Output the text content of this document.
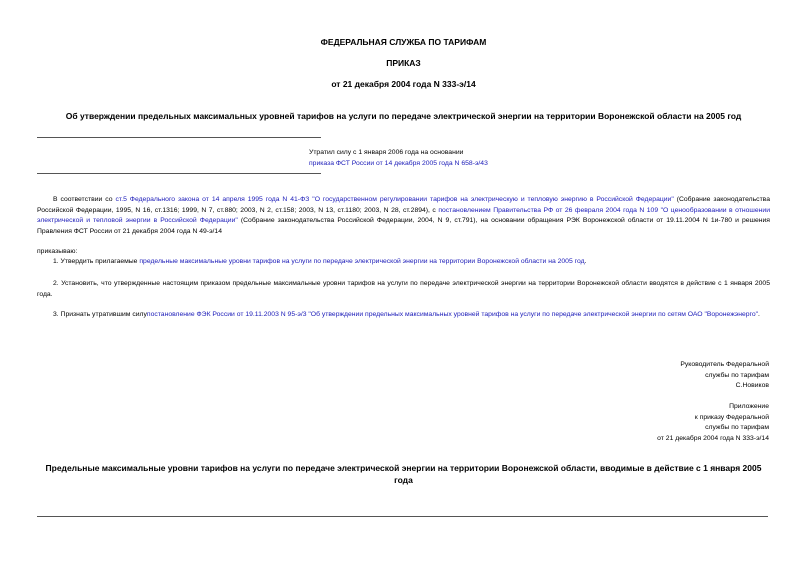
ФЕДЕРАЛЬНАЯ СЛУЖБА ПО ТАРИФАМ
ПРИКАЗ
от 21 декабря 2004 года N 333-э/14
Об утверждении предельных максимальных уровней тарифов на услуги по передаче электрической энергии на территории Воронежской области на 2005 год
Утратил силу с 1 января 2006 года на основании
приказа ФСТ России от 14 декабря 2005 года N 658-э/43
В соответствии со ст.5 Федерального закона от 14 апреля 1995 года N 41-ФЗ "О государственном регулировании тарифов на электрическую и тепловую энергию в Российской Федерации" (Собрание законодательства Российской Федерации, 1995, N 16, ст.1316; 1999, N 7, ст.880; 2003, N 2, ст.158; 2003, N 13, ст.1180; 2003, N 28, ст.2894), с постановлением Правительства РФ от 26 февраля 2004 года N 109 "О ценообразовании в отношении электрической и тепловой энергии в Российской Федерации" (Собрание законодательства Российской Федерации, 2004, N 9, ст.791), на основании обращения РЭК Воронежской области от 19.11.2004 N 1и-780 и решения Правления ФСТ России от 21 декабря 2004 года N 49-э/14
приказываю:
1. Утвердить прилагаемые предельные максимальные уровни тарифов на услуги по передаче электрической энергии на территории Воронежской области на 2005 год.
2. Установить, что утвержденные настоящим приказом предельные максимальные уровни тарифов на услуги по передаче электрической энергии на территории Воронежской области вводятся в действие с 1 января 2005 года.
3. Признать утратившим силупостановление ФЭК России от 19.11.2003 N 95-э/3 "Об утверждении предельных максимальных уровней тарифов на услуги по передаче электрической энергии по сетям ОАО "Воронежэнерго".
Руководитель Федеральной
службы по тарифам
С.Новиков
Приложение
к приказу Федеральной
службы по тарифам
от 21 декабря 2004 года N 333-э/14
Предельные максимальные уровни тарифов на услуги по передаче электрической энергии на территории Воронежской области, вводимые в действие с 1 января 2005 года
